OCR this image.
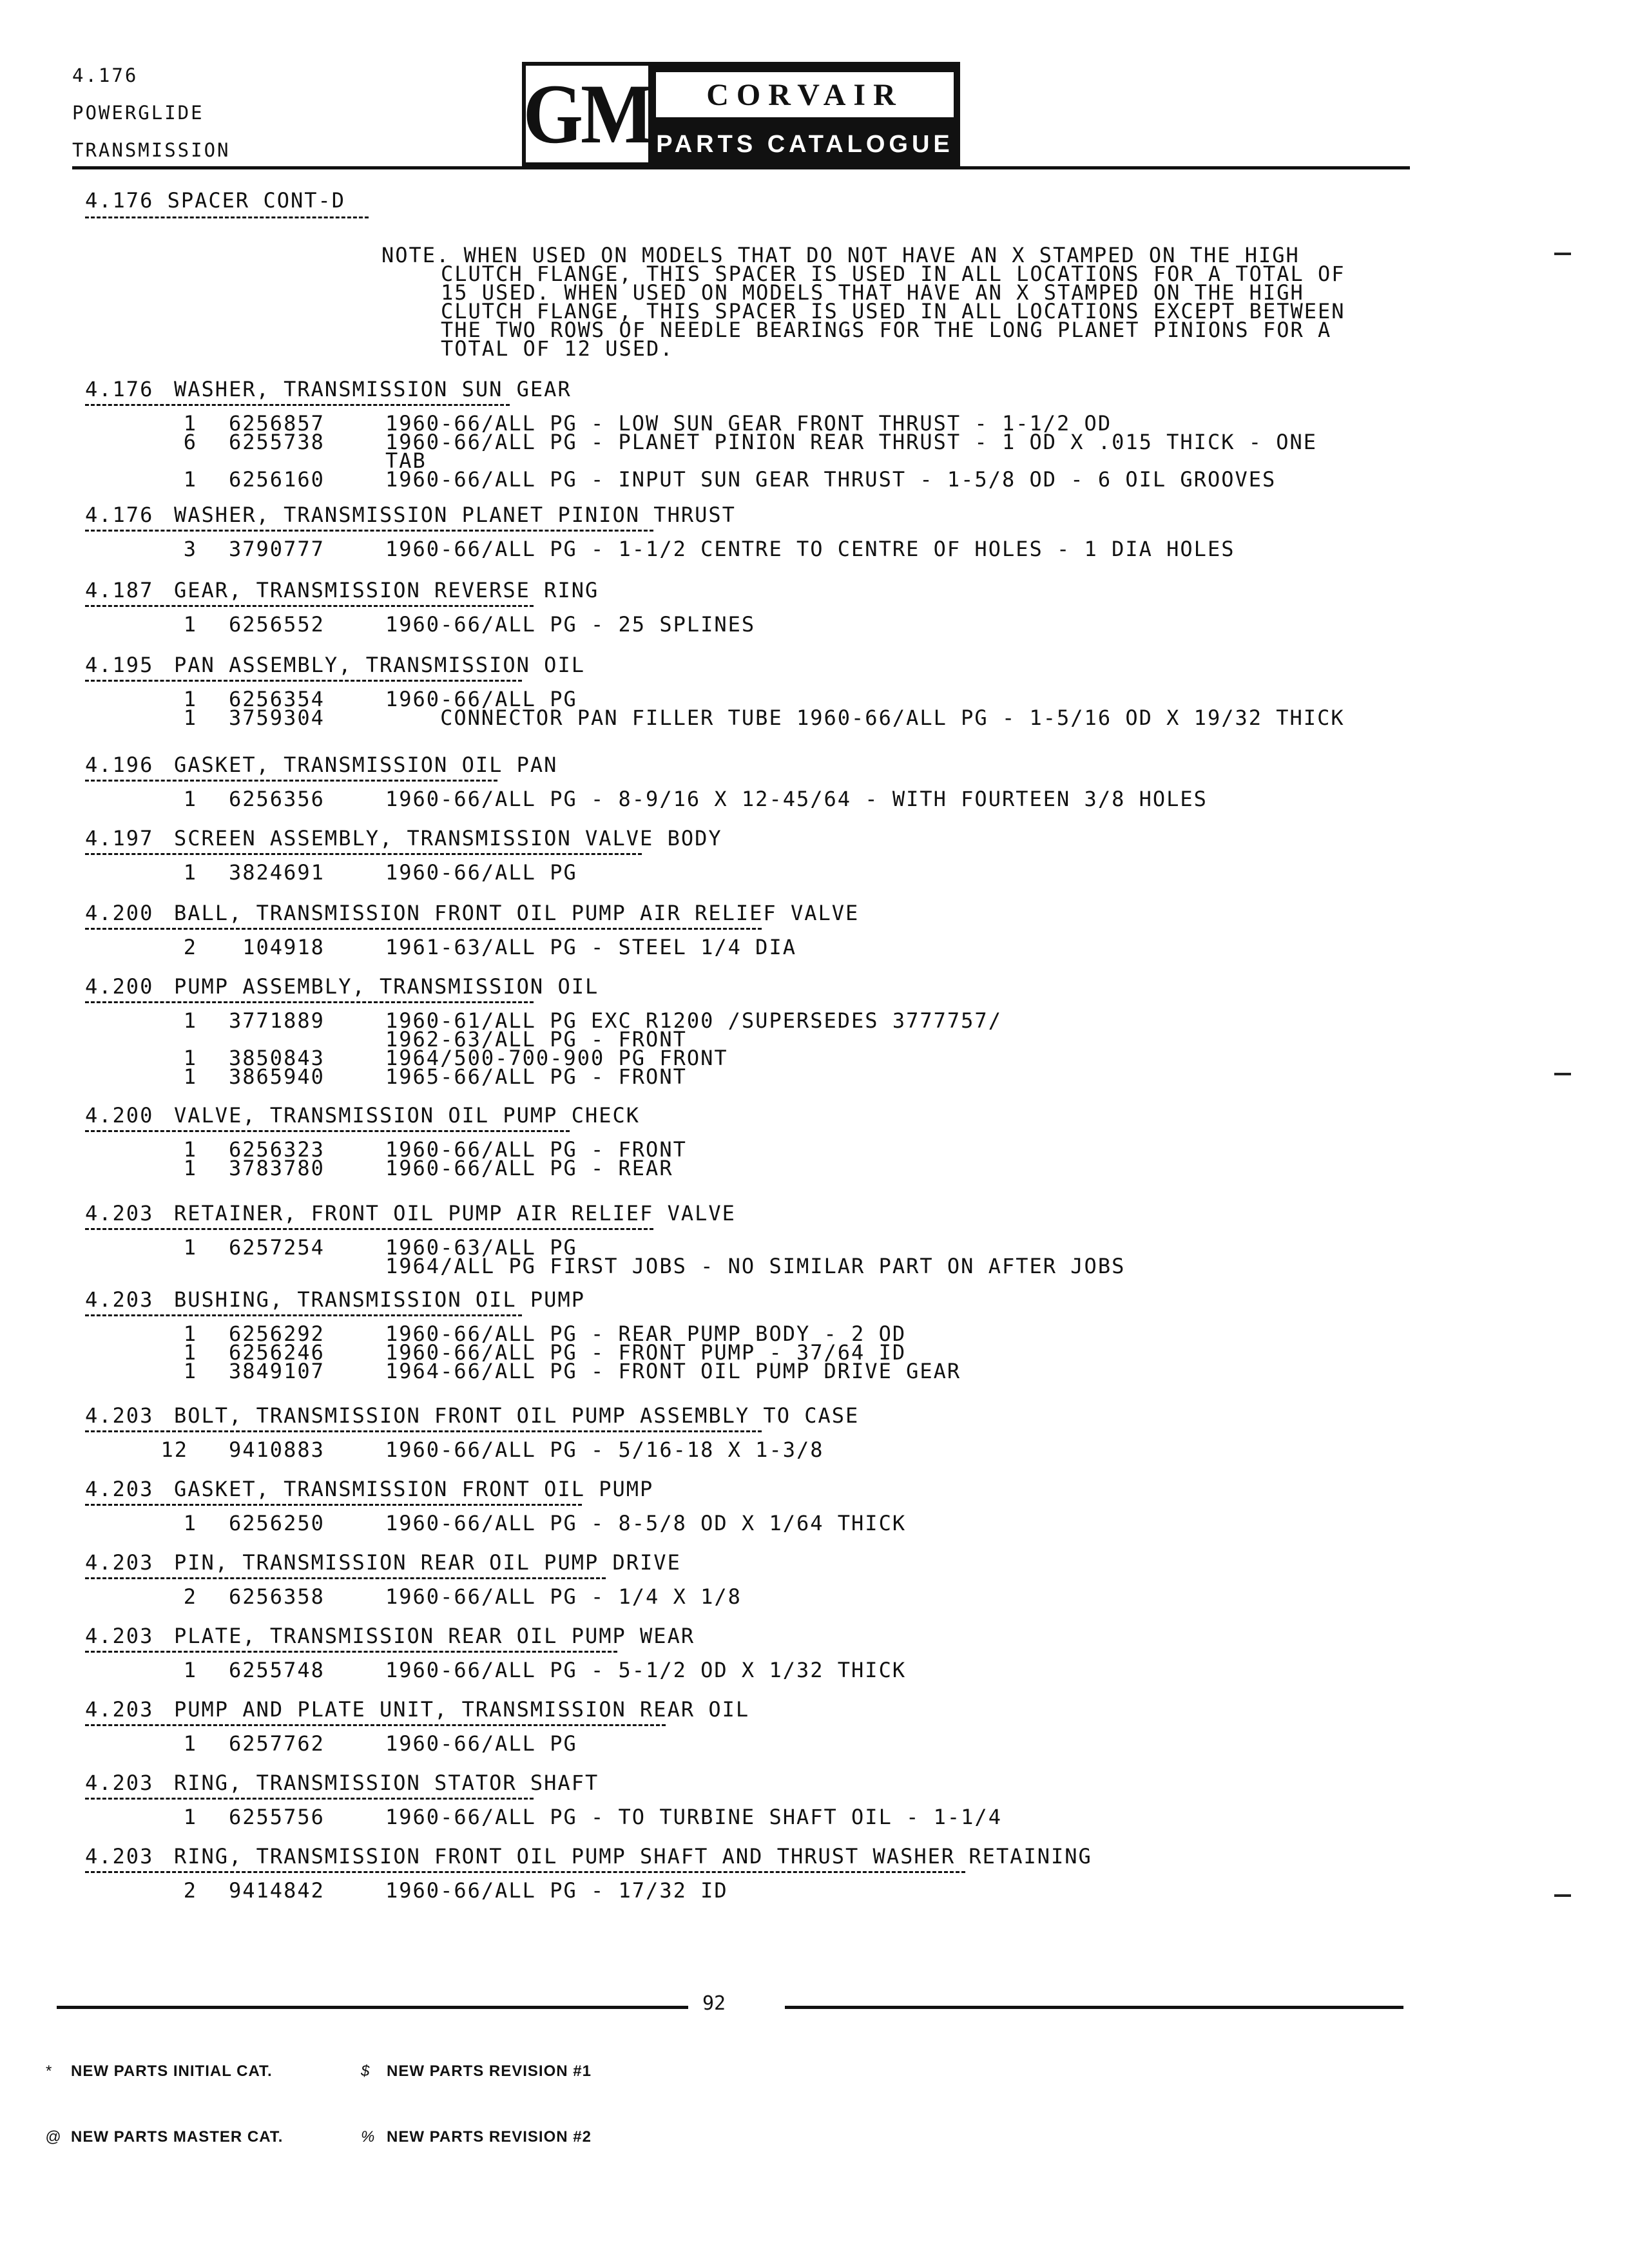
4.176
POWERGLIDE
TRANSMISSION	GM CORVAIR
PARTS CATALOGUE
4.176 SPACER CONT-D
NOTE. WHEN USED ON MODELS THAT DO NOT HAVE AN X STAMPED ON THE HIGH
CLUTCH FLANGE, THIS SPACER IS USED IN ALL LOCATIONS FOR A TOTAL OF
15 USED. WHEN USED ON MODELS THAT HAVE AN X STAMPED ON THE HIGH
CLUTCH FLANGE, THIS SPACER IS USED IN ALL LOCATIONS EXCEPT BETWEEN
THE TWO ROWS OF NEEDLE BEARINGS FOR THE LONG PLANET PINIONS FOR A
TOTAL OF 12 USED.
4.176 WASHER, TRANSMISSION SUN GEAR
1 6256857	1960-66/ALL PG - LOW SUN GEAR FRONT THRUST - 1-1/2 OD
6 6255738	1960-66/ALL PG - PLANET PINION REAR THRUST - 1 OD X .015 THICK - ONE
TAB
1 6256160	1960-66/ALL PG - INPUT SUN GEAR THRUST - 1-5/8 OD - 6 OIL GROOVES
4.176 WASHER, TRANSMISSION PLANET PINION THRUST
3 3790777	1960-66/ALL PG - 1-1/2 CENTRE TO CENTRE OF HOLES - 1 DIA HOLES
4.187 GEAR, TRANSMISSION REVERSE RING
1 6256552	1960-66/ALL PG - 25 SPLINES
4.195 PAN ASSEMBLY, TRANSMISSION OIL
1 6256354	1960-66/ALL PG
1 3759304	CONNECTOR PAN FILLER TUBE 1960-66/ALL PG - 1-5/16 OD X 19/32 THICK
4.196 GASKET, TRANSMISSION OIL PAN
1 6256356	1960-66/ALL PG - 8-9/16 X 12-45/64 - WITH FOURTEEN 3/8 HOLES
4.197 SCREEN ASSEMBLY, TRANSMISSION VALVE BODY
1 3824691	1960-66/ALL PG
4.200 BALL, TRANSMISSION FRONT OIL PUMP AIR RELIEF VALVE
2 104918	1961-63/ALL PG - STEEL 1/4 DIA
4.200 PUMP ASSEMBLY, TRANSMISSION OIL
1 3771889	1960-61/ALL PG EXC R1200 /SUPERSEDES 3777757/
1962-63/ALL PG - FRONT
1 3850843	1964/500-700-900 PG FRONT
1 3865940	1965-66/ALL PG - FRONT
4.200 VALVE, TRANSMISSION OIL PUMP CHECK
1 6256323	1960-66/ALL PG - FRONT
1 3783780	1960-66/ALL PG - REAR
4.203 RETAINER, FRONT OIL PUMP AIR RELIEF VALVE
1 6257254	1960-63/ALL PG
1964/ALL PG FIRST JOBS - NO SIMILAR PART ON AFTER JOBS
4.203 BUSHING, TRANSMISSION OIL PUMP
1 6256292	1960-66/ALL PG - REAR PUMP BODY - 2 OD
1 6256246	1960-66/ALL PG - FRONT PUMP - 37/64 ID
1 3849107	1964-66/ALL PG - FRONT OIL PUMP DRIVE GEAR
4.203 BOLT, TRANSMISSION FRONT OIL PUMP ASSEMBLY TO CASE
12 9410883	1960-66/ALL PG - 5/16-18 X 1-3/8
4.203 GASKET, TRANSMISSION FRONT OIL PUMP
1 6256250	1960-66/ALL PG - 8-5/8 OD X 1/64 THICK
4.203 PIN, TRANSMISSION REAR OIL PUMP DRIVE
2 6256358	1960-66/ALL PG - 1/4 X 1/8
4.203 PLATE, TRANSMISSION REAR OIL PUMP WEAR
1 6255748	1960-66/ALL PG - 5-1/2 OD X 1/32 THICK
4.203 PUMP AND PLATE UNIT, TRANSMISSION REAR OIL
1 6257762	1960-66/ALL PG
4.203 RING, TRANSMISSION STATOR SHAFT
1 6255756	1960-66/ALL PG - TO TURBINE SHAFT OIL - 1-1/4
4.203 RING, TRANSMISSION FRONT OIL PUMP SHAFT AND THRUST WASHER RETAINING
2 9414842	1960-66/ALL PG - 17/32 ID
92

* NEW PARTS INITIAL CAT.

@ NEW PARTS MASTER CAT.

$ NEW PARTS REVISION #1

% NEW PARTS REVISION #2
